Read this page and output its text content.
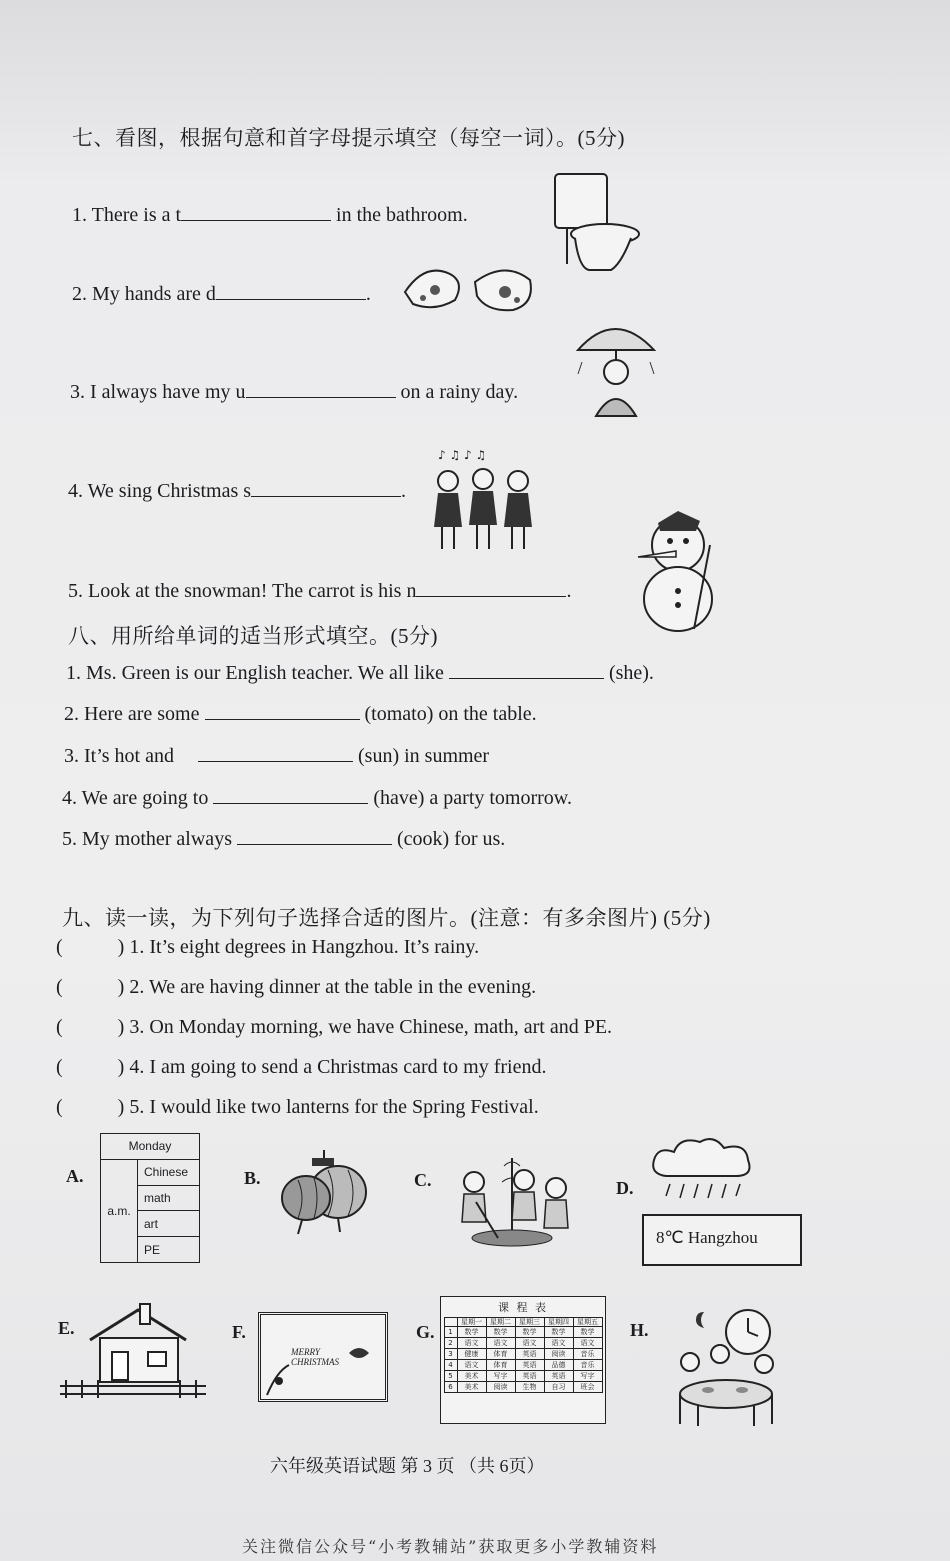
七、看图，根据句意和首字母提示填空（每空一词）。(5分)
1. There is a t	in the bathroom.
2. My hands are d	.
3. I always have my u	on a rainy day.
4. We sing Christmas s	.
5. Look at the snowman! The carrot is his n	.
♪ ♫ ♪ ♫
八、用所给单词的适当形式填空。(5分)
1. Ms. Green is our English teacher. We all like	(she).
2. Here are some	(tomato) on the table.
3. It’s hot and	(sun) in summer
4. We are going to	(have) a party tomorrow.
5. My mother always	(cook) for us.
九、读一读，为下列句子选择合适的图片。(注意：有多余图片) (5分)
(	) 1. It’s eight degrees in Hangzhou. It’s rainy.
(	) 2. We are having dinner at the table in the evening.
(	) 3. On Monday morning, we have Chinese, math, art and PE.
(	) 4. I am going to send a Christmas card to my friend.
(	) 5. I would like two lanterns for the Spring Festival.
A.	B.	C.	D.
E.	F.	G.	H.
Monday
a.m.	Chinese
math
art
PE
8℃ Hangzhou
MERRY CHRISTMAS
课 程 表
	星期一	星期二	星期三	星期四	星期五
1	数学	数学	数学	数学	数学
2	语文	语文	语文	语文	语文
3	健康	体育	英语	阅读	音乐
4	语文	体育	英语	品德	音乐
5	美术	写字	英语	英语	写字
6	美术	阅读	生物	自习	班会
六年级英语试题 第 3 页 （共 6页）
关注微信公众号“小考教辅站”获取更多小学教辅资料
